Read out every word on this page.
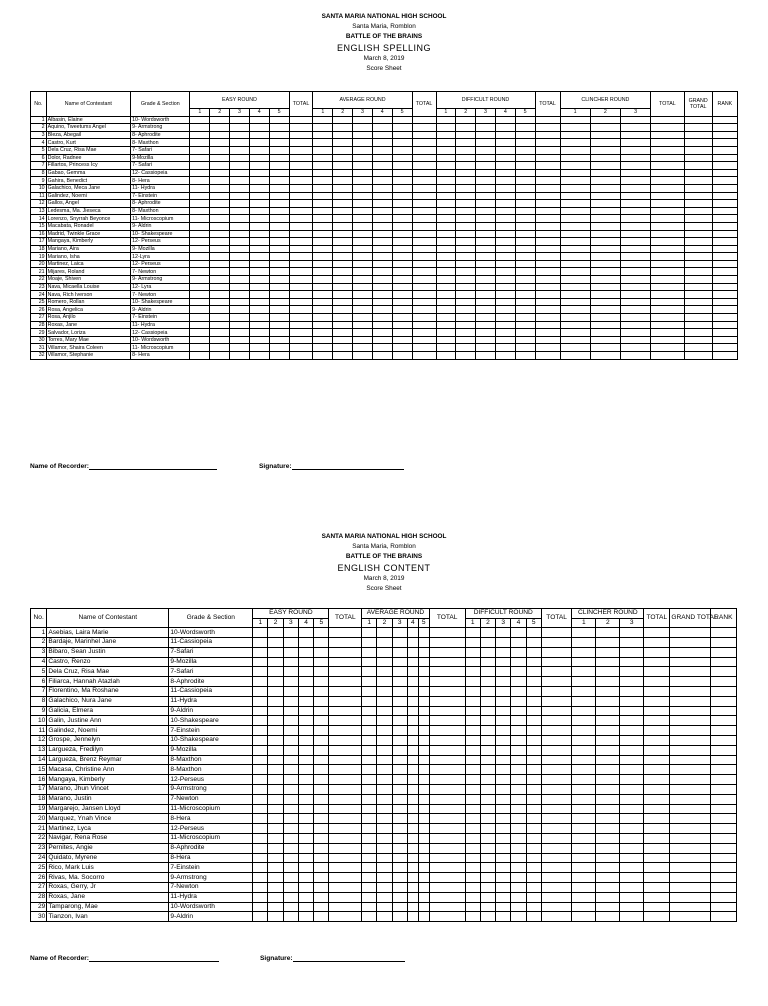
SANTA MARIA NATIONAL HIGH SCHOOL
Santa Maria, Romblon
BATTLE OF THE BRAINS
ENGLISH SPELLING
March 8, 2019
Score Sheet
No.	Name of Contestant	Grade & Section	EASY ROUND					TOTAL	AVERAGE ROUND					TOTAL	DIFFICULT ROUND					TOTAL	CLINCHER ROUND			TOTAL	GRAND TOTAL	RANK
			1	2	3	4	5		1	2	3	4	5		1	2	3	4	5		1	2	3			
1	Albasin, Elaine	10- Wordsworth																								
2	Aquino, Tweetums Angel	9- Armstrong																								
3	Bleza, Abegail	8- Aphrodite																								
4	Castro, Kurt	8- Maxthon																								
5	Dela Cruz, Risa Mae	7- Safari																								
6	Dolor, Radnee	9-Mozilla																								
7	Fillartos, Princess Icy	7- Safari																								
8	Gabao, Gemma	12- Cassiopeia																								
9	Gahira, Benedict	8- Hera																								
10	Galachico, Meca Jane	11- Hydra																								
11	Galindez, Noemi	7- Einstein																								
12	Gallos, Angel	8- Aphrodite																								
13	Ledesma, Ma. Jieseca	8- Maxthon																								
14	Lorenzo, Snyrrah Beyonce	11- Microscopium																								
15	Macabata, Ronadel	9- Aldrin																								
16	Madrid, Twinkle Grace	10- Shakespeare																								
17	Mangaya, Kimberly	12- Perseus																								
18	Mariano, Aira	9- Mozilla																								
19	Mariano, Isha	12-Lyra																								
20	Martinez, Laica	12- Perseus																								
21	Mijares, Roland	7- Newton																								
22	Moaje, Shiven	9- Armstrong																								
23	Nava, Micaella Louise	12- Lyra																								
24	Nava, Rich Iverson	7- Newton																								
25	Romero, Rollan	10- Shakespeare																								
26	Rosa, Angelica	9- Aldrin																								
27	Rosa, Anjilo	7- Einstein																								
28	Roxas, Jane	11- Hydra																								
29	Salvador, Loriza	12- Cassiopeia																								
30	Torres, Mary Mae	10- Wordsworth																								
31	Villamor, Shaira Coleen	11- Microscopium																								
32	Villamor, Stephanie	8- Hera																								
Name of Recorder:	Signature:
SANTA MARIA NATIONAL HIGH SCHOOL
Santa Maria, Romblon
BATTLE OF THE BRAINS
ENGLISH CONTENT
March 8, 2019
Score Sheet
No.	Name of Contestant	Grade & Section	EASY ROUND					TOTAL	AVERAGE ROUND					TOTAL	DIFFICULT ROUND					TOTAL	CLINCHER ROUND			TOTAL	GRAND TOTAL	RANK
			1	2	3	4	5		1	2	3	4	5		1	2	3	4	5		1	2	3			
1	Asebias, Laira Marie	10-Wordsworth																								
2	Bardaje, Marinhel Jane	11-Cassiopeia																								
3	Bibaro, Sean Justin	7-Safari																								
4	Castro, Renzo	9-Mozilla																								
5	Dela Cruz, Risa Mae	7-Safari																								
6	Filiarca, Hannah Atazlah	8-Aphrodite																								
7	Florentino, Ma Roshane	11-Cassiopeia																								
8	Galachico, Nura Jane	11-Hydra																								
9	Galicia, Elmera	9-Aldrin																								
10	Galin, Justine Ann	10-Shakespeare																								
11	Galindez, Noemi	7-Einstein																								
12	Grospe, Jennelyn	10-Shakespeare																								
13	Largueza, Fredilyn	9-Mozilla																								
14	Largueza, Brenz Reymar	8-Maxthon																								
15	Macasa, Christine Ann	8-Maxthon																								
16	Mangaya, Kimberly	12-Perseus																								
17	Marano, Jhun Vincet	9-Armstrong																								
18	Marano, Justin	7-Newton																								
19	Margarejo, Jansen Lloyd	11-Microscopium																								
20	Marquez, Ynah Vince	8-Hera																								
21	Martinez, Lyca	12-Perseus																								
22	Navigar, Rena Rose	11-Microscopium																								
23	Pernites, Angie	8-Aphrodite																								
24	Quidato, Myrene	8-Hera																								
25	Rico, Mark Luis	7-Einstein																								
26	Rivas, Ma. Socorro	9-Armstrong																								
27	Roxas, Gerry, Jr	7-Newton																								
28	Roxas, Jane	11-Hydra																								
29	Tamparong, Mae	10-Wordsworth																								
30	Tianzon, Ivan	9-Aldrin																								
Name of Recorder:	Signature:
